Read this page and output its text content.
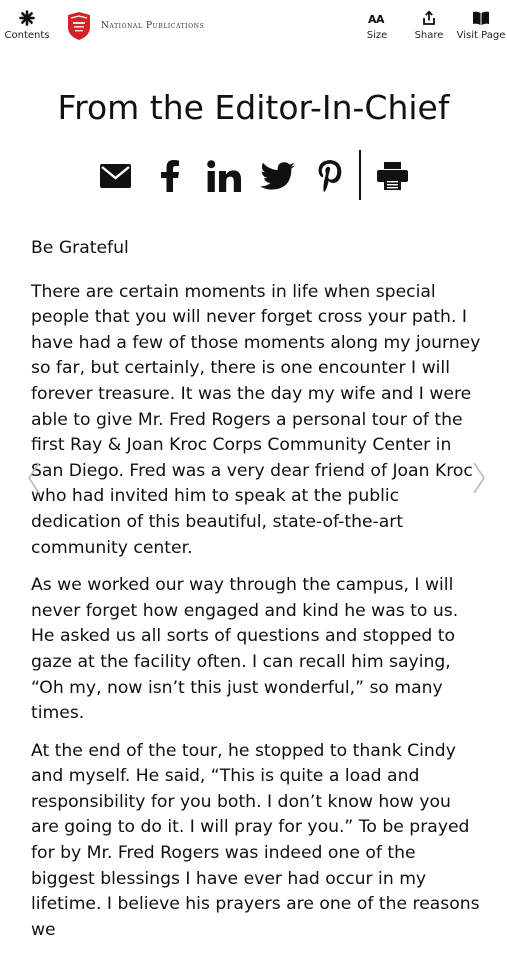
Contents
National Publications	A A
Size	Share Visit Page
From the Editor-In-Chief

Be Grateful

There are certain moments in life when special people that you will never forget cross your path. I have had a few of those moments along my journey so far, but certainly, there is one encounter I will forever treasure. It was the day my wife and I were able to give Mr. Fred Rogers a personal tour of the first Ray & Joan Kroc Corps Community Center in San Diego. Fred was a very dear friend of Joan Kroc who had invited him to speak at the public dedication of this beautiful, state-of-the-art community center.

As we worked our way through the campus, I will never forget how engaged and kind he was to us. He asked us all sorts of questions and stopped to gaze at the facility often. I can recall him saying, “Oh my, now isn’t this just wonderful,” so many times.

At the end of the tour, he stopped to thank Cindy and myself. He said, “This is quite a load and responsibility for you both. I don’t know how you are going to do it. I will pray for you.” To be prayed for by Mr. Fred Rogers was indeed one of the biggest blessings I have ever had occur in my lifetime. I believe his prayers are one of the reasons we
